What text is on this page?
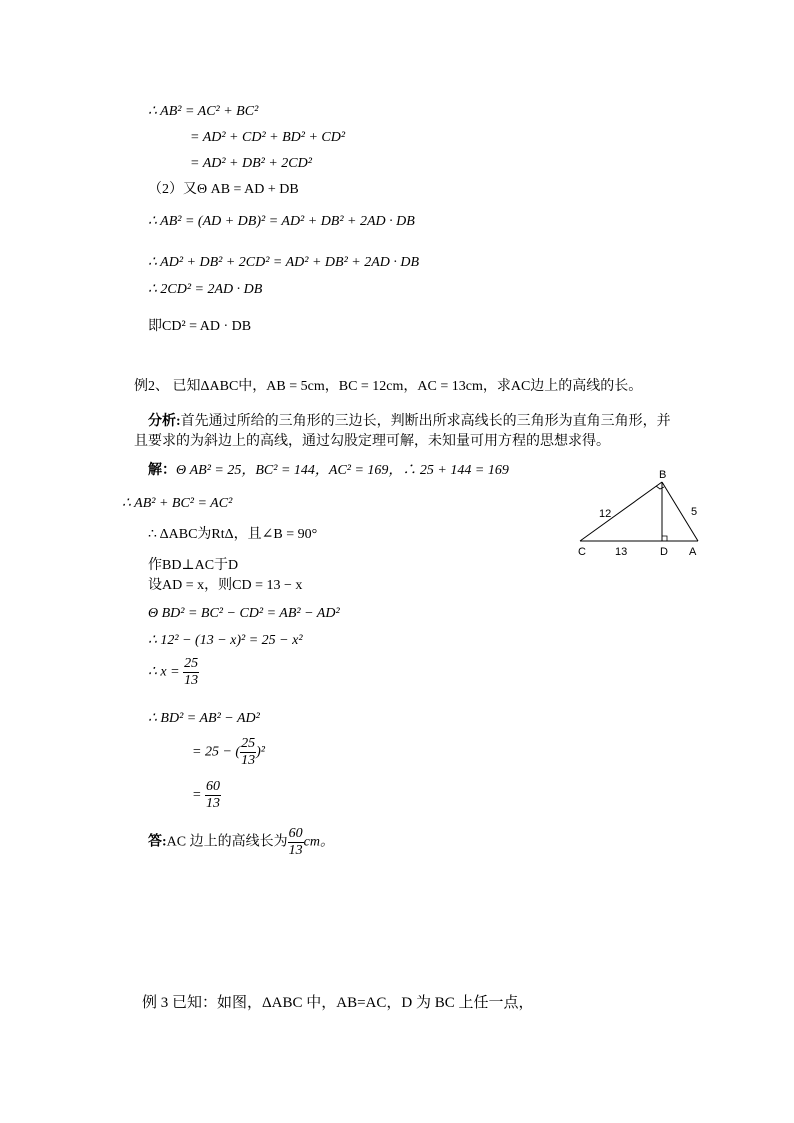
∴ AB² = AC² + BC²
= AD² + CD² + BD² + CD²
= AD² + DB² + 2CD²
（2）又Θ AB = AD + DB
∴ AB² = (AD + DB)² = AD² + DB² + 2AD · DB
∴ AD² + DB² + 2CD² = AD² + DB² + 2AD · DB
∴ 2CD² = 2AD · DB
即CD² = AD · DB
例2、 已知ΔABC中，AB = 5cm，BC = 12cm，AC = 13cm，求AC边上的高线的长。
分析:首先通过所给的三角形的三边长，判断出所求高线长的三角形为直角三角形，并
且要求的为斜边上的高线，通过勾股定理可解，未知量可用方程的思想求得。
解：Θ AB² = 25，BC² = 144，AC² = 169，∴ 25 + 144 = 169
∴ AB² + BC² = AC²
∴ ΔABC为RtΔ，且∠B = 90°
作BD⊥AC于D
设AD = x，则CD = 13 − x
Θ BD² = BC² − CD² = AB² − AD²
∴ 12² − (13 − x)² = 25 − x²
∴ $x = \frac{25}{13}$
∴ BD² = AB² − AD²
= 25 − ( $\frac{25}{13} )^2$
= $\frac{60}{13}$
答:AC 边上的高线长为 $\frac{60}{13}$ cm。
B
C	D A
12	5
13
例 3 已知：如图，ΔABC 中，AB=AC，D 为 BC 上任一点，
